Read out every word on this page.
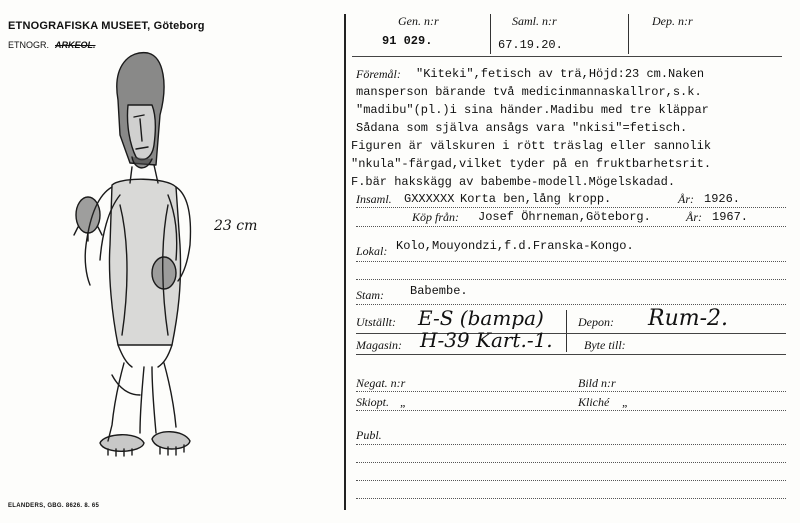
ETNOGRAFISKA MUSEET, Göteborg
ETNOGR. ARKEOL.
23 cm
ELANDERS, GBG. 8626. 8. 65
Gen. n:r
91 029.
Saml. n:r
67.19.20.
Dep. n:r
Föremål: "Kiteki",fetisch av trä,Höjd:23 cm.Naken
mansperson bärande två medicinmannaskallror,s.k.
"madibu"(pl.)i sina händer.Madibu med tre kläppar
Sådana som själva ansågs vara "nkisi"=fetisch.
Figuren är välskuren i rött träslag eller sannolik
"nkula"-färgad,vilket tyder på en fruktbarhetsrit.
F.bär hakskägg av babembe-modell.Mögelskadad.
Insaml. GXXXXXX Korta ben,lång kropp.	År: 1926.
Köp från: Josef Öhrneman,Göteborg.	År: 1967.
Lokal: Kolo,Mouyondzi,f.d.Franska-Kongo.
Stam: Babembe.
Utställt: E-S (bampa)	Depon: Rum-2.
Magasin: H-39 Kart.-1.	Byte till:
Negat. n:r	Bild n:r
Skiopt. „	Kliché „
Publ.
